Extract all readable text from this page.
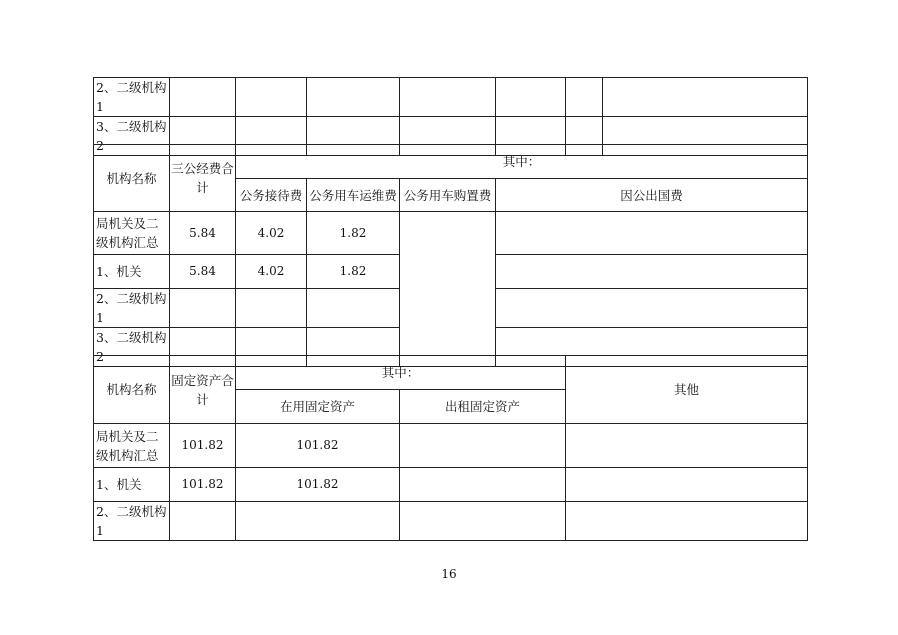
2、二级机构1							
3、二级机构2							
机构名称	三公经费合计	其中：			
		公务接待费	公务用车运维费	公务用车购置费	因公出国费
局机关及二级机构汇总	5.84	4.02	1.82		
1、机关	5.84	4.02	1.82		
2、二级机构1					
3、二级机构2					
机构名称	固定资产合计	其中：		其他
		在用固定资产	出租固定资产	
局机关及二级机构汇总	101.82	101.82		
1、机关	101.82	101.82		
2、二级机构1				
16
